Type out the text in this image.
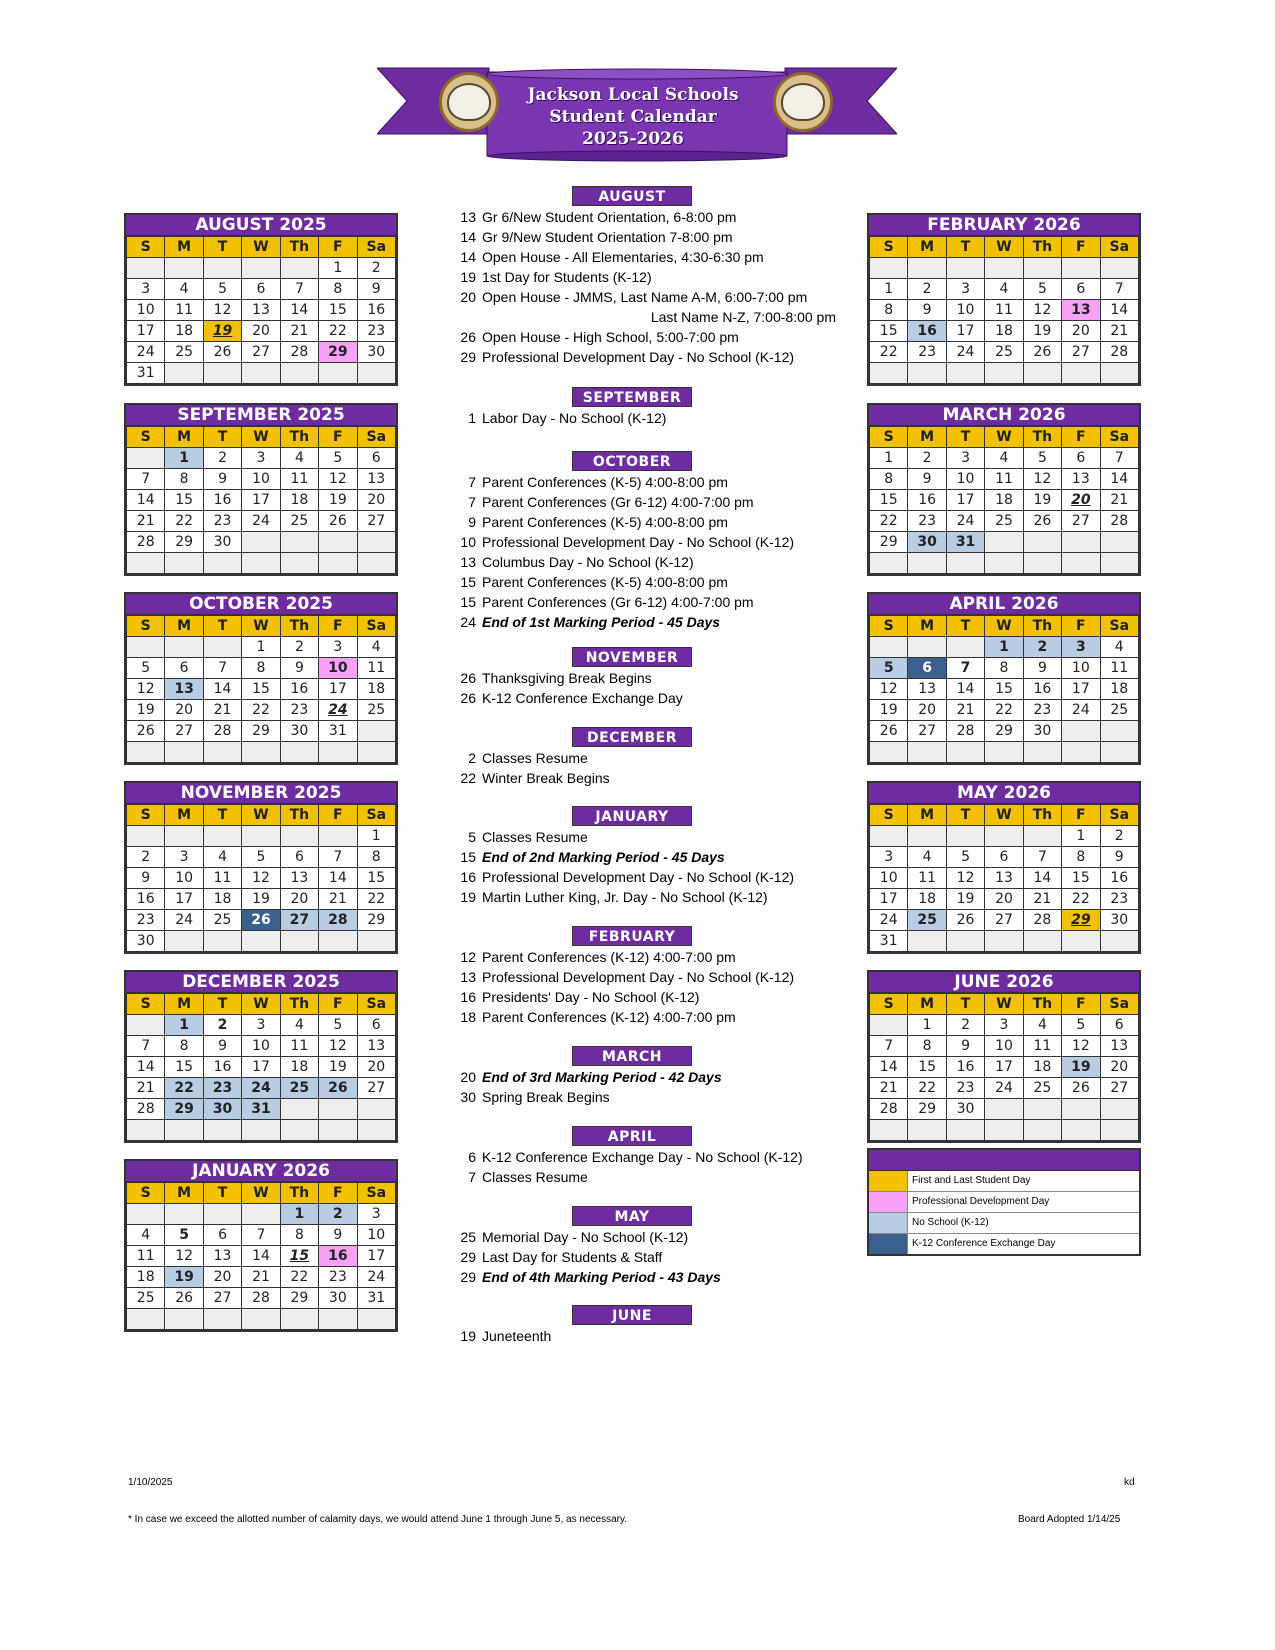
Jackson Local Schools
Student Calendar
2025-2026
AUGUST 2025
S	M	T	W	Th	F	Sa
					1	2
3	4	5	6	7	8	9
10	11	12	13	14	15	16
17	18	19	20	21	22	23
24	25	26	27	28	29	30
31						
SEPTEMBER 2025
S	M	T	W	Th	F	Sa
	1	2	3	4	5	6
7	8	9	10	11	12	13
14	15	16	17	18	19	20
21	22	23	24	25	26	27
28	29	30				

OCTOBER 2025
S	M	T	W	Th	F	Sa
			1	2	3	4
5	6	7	8	9	10	11
12	13	14	15	16	17	18
19	20	21	22	23	24	25
26	27	28	29	30	31	

NOVEMBER 2025
S	M	T	W	Th	F	Sa
						1
2	3	4	5	6	7	8
9	10	11	12	13	14	15
16	17	18	19	20	21	22
23	24	25	26	27	28	29
30						
DECEMBER 2025
S	M	T	W	Th	F	Sa
	1	2	3	4	5	6
7	8	9	10	11	12	13
14	15	16	17	18	19	20
21	22	23	24	25	26	27
28	29	30	31			

JANUARY 2026
S	M	T	W	Th	F	Sa
				1	2	3
4	5	6	7	8	9	10
11	12	13	14	15	16	17
18	19	20	21	22	23	24
25	26	27	28	29	30	31

FEBRUARY 2026
S	M	T	W	Th	F	Sa

1	2	3	4	5	6	7
8	9	10	11	12	13	14
15	16	17	18	19	20	21
22	23	24	25	26	27	28

MARCH 2026
S	M	T	W	Th	F	Sa
1	2	3	4	5	6	7
8	9	10	11	12	13	14
15	16	17	18	19	20	21
22	23	24	25	26	27	28
29	30	31				

APRIL 2026
S	M	T	W	Th	F	Sa
			1	2	3	4
5	6	7	8	9	10	11
12	13	14	15	16	17	18
19	20	21	22	23	24	25
26	27	28	29	30		

MAY 2026
S	M	T	W	Th	F	Sa
					1	2
3	4	5	6	7	8	9
10	11	12	13	14	15	16
17	18	19	20	21	22	23
24	25	26	27	28	29	30
31						
JUNE 2026
S	M	T	W	Th	F	Sa
	1	2	3	4	5	6
7	8	9	10	11	12	13
14	15	16	17	18	19	20
21	22	23	24	25	26	27
28	29	30				

AUGUST
13 Gr 6/New Student Orientation, 6-8:00 pm
14 Gr 9/New Student Orientation 7-8:00 pm
14 Open House - All Elementaries, 4:30-6:30 pm
19 1st Day for Students (K-12)
20 Open House - JMMS, Last Name A-M, 6:00-7:00 pm
Last Name N-Z, 7:00-8:00 pm
26 Open House - High School, 5:00-7:00 pm
29 Professional Development Day - No School (K-12)
SEPTEMBER
1 Labor Day - No School (K-12)
OCTOBER
7 Parent Conferences (K-5) 4:00-8:00 pm
7 Parent Conferences (Gr 6-12) 4:00-7:00 pm
9 Parent Conferences (K-5) 4:00-8:00 pm
10 Professional Development Day - No School (K-12)
13 Columbus Day - No School (K-12)
15 Parent Conferences (K-5) 4:00-8:00 pm
15 Parent Conferences (Gr 6-12) 4:00-7:00 pm
24 End of 1st Marking Period - 45 Days
NOVEMBER
26 Thanksgiving Break Begins
26 K-12 Conference Exchange Day
DECEMBER
2 Classes Resume
22 Winter Break Begins
JANUARY
5 Classes Resume
15 End of 2nd Marking Period - 45 Days
16 Professional Development Day - No School (K-12)
19 Martin Luther King, Jr. Day - No School (K-12)
FEBRUARY
12 Parent Conferences (K-12) 4:00-7:00 pm
13 Professional Development Day - No School (K-12)
16 Presidents' Day - No School (K-12)
18 Parent Conferences (K-12) 4:00-7:00 pm
MARCH
20 End of 3rd Marking Period - 42 Days
30 Spring Break Begins
APRIL
6 K-12 Conference Exchange Day - No School (K-12)
7 Classes Resume
MAY
25 Memorial Day - No School (K-12)
29 Last Day for Students & Staff
29 End of 4th Marking Period - 43 Days
JUNE
19 Juneteenth
First and Last Student Day
Professional Development Day
No School (K-12)
K-12 Conference Exchange Day
1/10/2025	kd
* In case we exceed the allotted number of calamity days, we would attend June 1 through June 5, as necessary.	Board Adopted 1/14/25
